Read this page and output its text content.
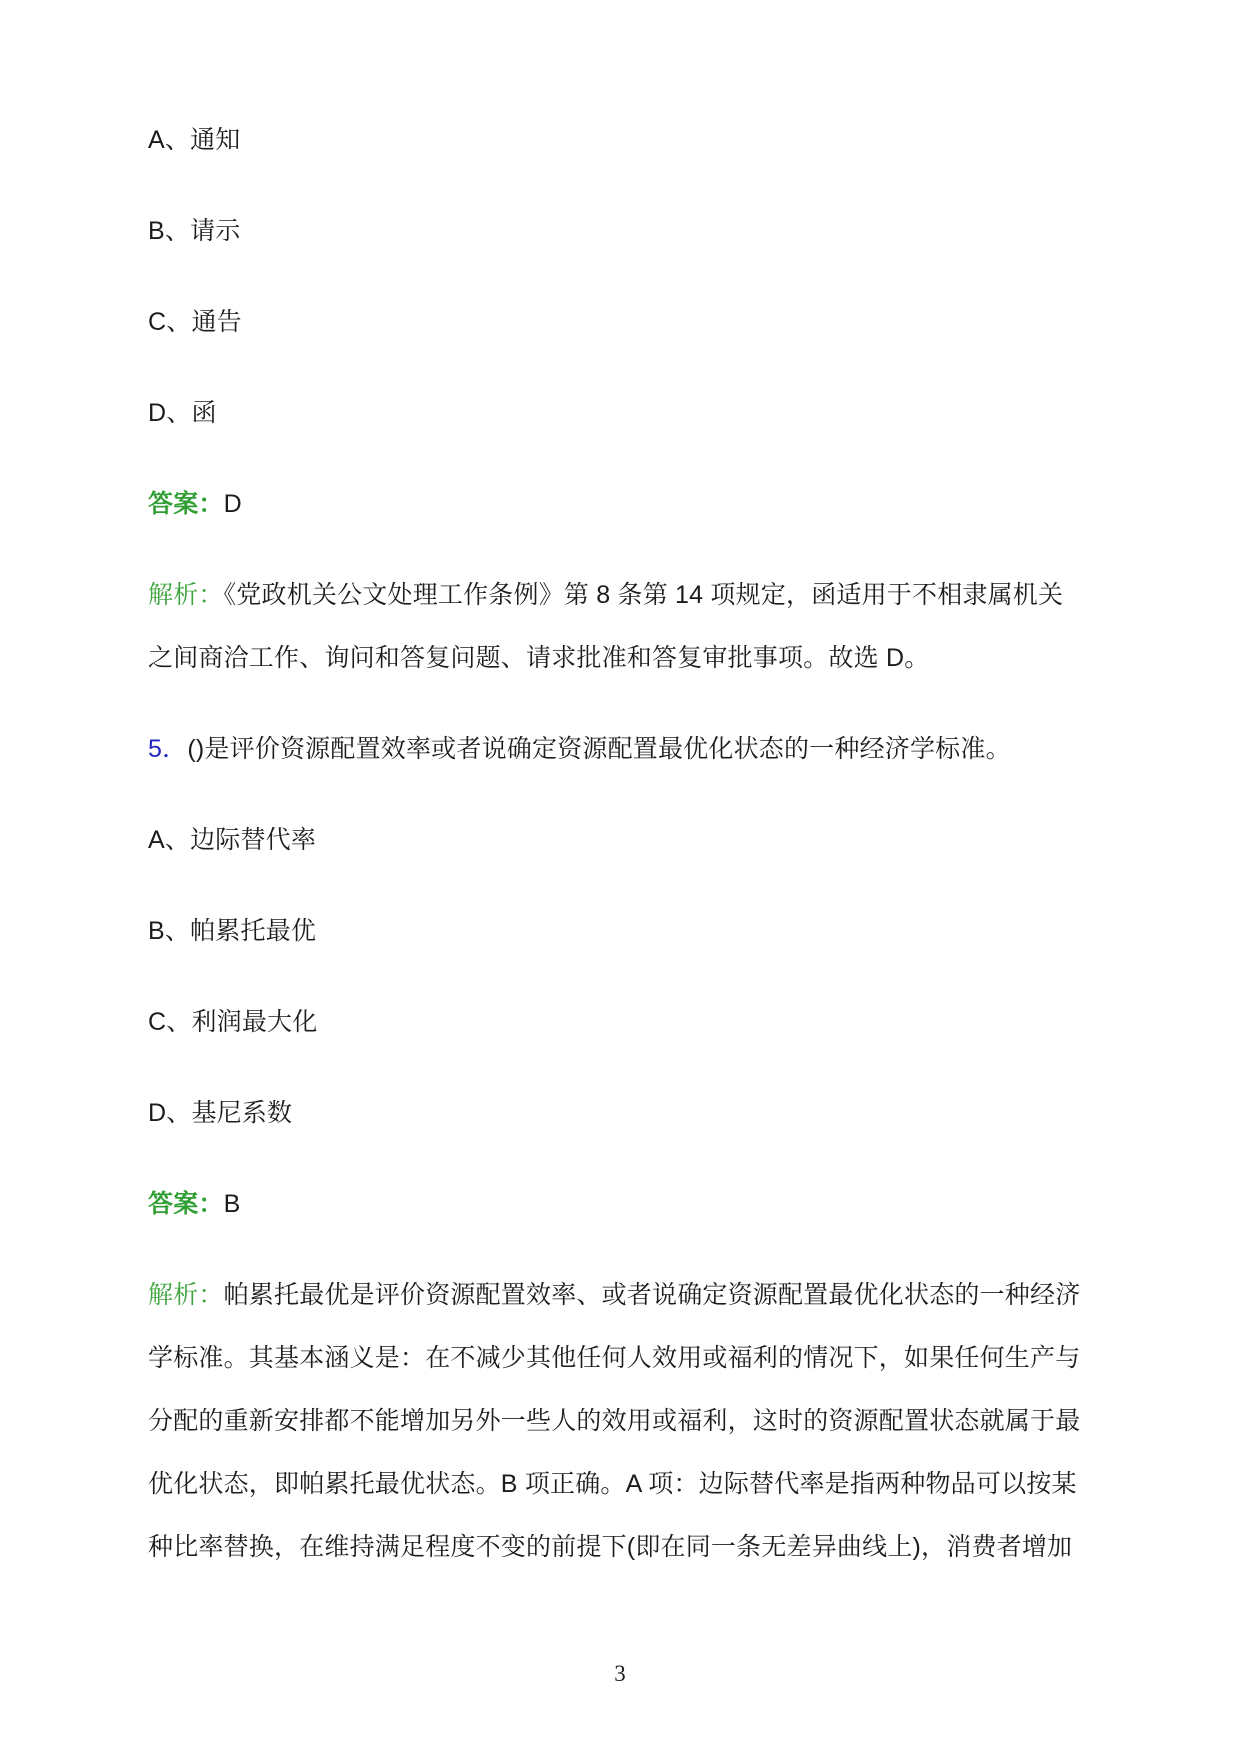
A、通知

B、请示

C、通告

D、函

答案：D

解析：《党政机关公文处理工作条例》第 8 条第 14 项规定，函适用于不相隶属机关

之间商洽工作、询问和答复问题、请求批准和答复审批事项。故选 D。

5．()是评价资源配置效率或者说确定资源配置最优化状态的一种经济学标准。

A、边际替代率

B、帕累托最优

C、利润最大化

D、基尼系数

答案：B

解析：帕累托最优是评价资源配置效率、或者说确定资源配置最优化状态的一种经济

学标准。其基本涵义是：在不减少其他任何人效用或福利的情况下，如果任何生产与

分配的重新安排都不能增加另外一些人的效用或福利，这时的资源配置状态就属于最

优化状态，即帕累托最优状态。B 项正确。A 项：边际替代率是指两种物品可以按某

种比率替换，在维持满足程度不变的前提下(即在同一条无差异曲线上)，消费者增加

3
